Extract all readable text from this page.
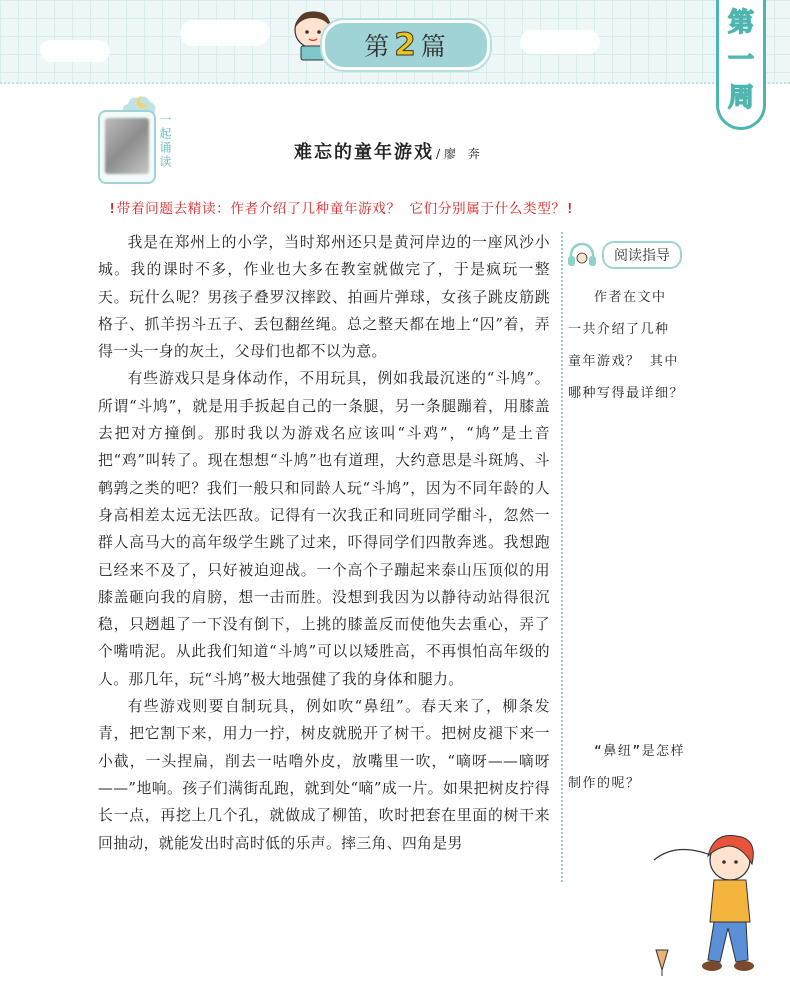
第 2 篇
第
一
周
一起诵读	难忘的童年游戏 /廖 奔
!带着问题去精读：作者介绍了几种童年游戏？ 它们分别属于什么类型？!

我是在郑州上的小学，当时郑州还只是黄河岸边的一座风沙小城。我的课时不多，作业也大多在教室就做完了，于是疯玩一整天。玩什么呢？男孩子叠罗汉摔跤、拍画片弹球，女孩子跳皮筋跳格子、抓羊拐斗五子、丢包翻丝绳。总之整天都在地上“囚”着，弄得一头一身的灰土，父母们也都不以为意。

有些游戏只是身体动作，不用玩具，例如我最沉迷的“斗鸠”。所谓“斗鸠”，就是用手扳起自己的一条腿，另一条腿蹦着，用膝盖去把对方撞倒。那时我以为游戏名应该叫“斗鸡”，“鸠”是土音把“鸡”叫转了。现在想想“斗鸠”也有道理，大约意思是斗斑鸠、斗鹌鹑之类的吧？我们一般只和同龄人玩“斗鸠”，因为不同年龄的人身高相差太远无法匹敌。记得有一次我正和同班同学酣斗，忽然一群人高马大的高年级学生跳了过来，吓得同学们四散奔逃。我想跑已经来不及了，只好被迫迎战。一个高个子蹦起来泰山压顶似的用膝盖砸向我的肩膀，想一击而胜。没想到我因为以静待动站得很沉稳，只趔趄了一下没有倒下，上挑的膝盖反而使他失去重心，弄了个嘴啃泥。从此我们知道“斗鸠”可以以矮胜高，不再惧怕高年级的人。那几年，玩“斗鸠”极大地强健了我的身体和腿力。

有些游戏则要自制玩具，例如吹“鼻纽”。春天来了，柳条发青，把它割下来，用力一拧，树皮就脱开了树干。把树皮褪下来一小截，一头捏扁，削去一咕噜外皮，放嘴里一吹，“嘀呀——嘀呀——”地响。孩子们满街乱跑，就到处“嘀”成一片。如果把树皮拧得长一点，再挖上几个孔，就做成了柳笛，吹时把套在里面的树干来回抽动，就能发出时高时低的乐声。摔三角、四角是男

阅读指导
作者在文中
一共介绍了几种
童年游戏？ 其中
哪种写得最详细？
“鼻纽”是怎样
制作的呢？
